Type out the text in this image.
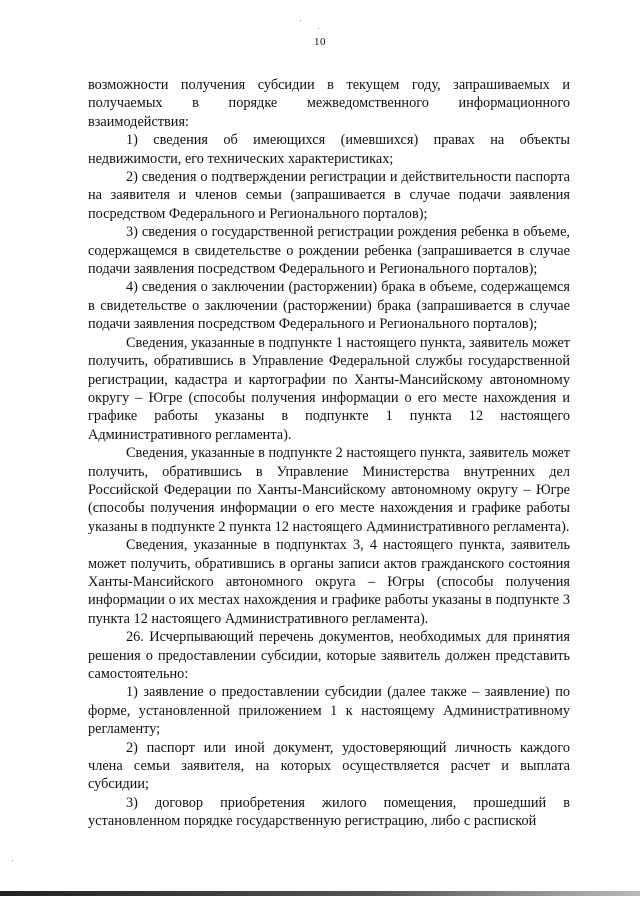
10

возможности получения субсидии в текущем году, запрашиваемых и получаемых в порядке межведомственного информационного взаимодействия:

1) сведения об имеющихся (имевшихся) правах на объекты недвижимости, его технических характеристиках;

2) сведения о подтверждении регистрации и действительности паспорта на заявителя и членов семьи (запрашивается в случае подачи заявления посредством Федерального и Регионального порталов);

3) сведения о государственной регистрации рождения ребенка в объеме, содержащемся в свидетельстве о рождении ребенка (запрашивается в случае подачи заявления посредством Федерального и Регионального порталов);

4) сведения о заключении (расторжении) брака в объеме, содержащемся в свидетельстве о заключении (расторжении) брака (запрашивается в случае подачи заявления посредством Федерального и Регионального порталов);

Сведения, указанные в подпункте 1 настоящего пункта, заявитель может получить, обратившись в Управление Федеральной службы государственной регистрации, кадастра и картографии по Ханты-Мансийскому автономному округу – Югре (способы получения информации о его месте нахождения и графике работы указаны в подпункте 1 пункта 12 настоящего Административного регламента).

Сведения, указанные в подпункте 2 настоящего пункта, заявитель может получить, обратившись в Управление Министерства внутренних дел Российской Федерации по Ханты-Мансийскому автономному округу – Югре (способы получения информации о его месте нахождения и графике работы указаны в подпункте 2 пункта 12 настоящего Административного регламента).

Сведения, указанные в подпунктах 3, 4 настоящего пункта, заявитель может получить, обратившись в органы записи актов гражданского состояния Ханты-Мансийского автономного округа – Югры (способы получения информации о их местах нахождения и графике работы указаны в подпункте 3 пункта 12 настоящего Административного регламента).

26. Исчерпывающий перечень документов, необходимых для принятия решения о предоставлении субсидии, которые заявитель должен представить самостоятельно:

1) заявление о предоставлении субсидии (далее также – заявление) по форме, установленной приложением 1 к настоящему Административному регламенту;

2) паспорт или иной документ, удостоверяющий личность каждого члена семьи заявителя, на которых осуществляется расчет и выплата субсидии;

3) договор приобретения жилого помещения, прошедший в установленном порядке государственную регистрацию, либо с распиской
